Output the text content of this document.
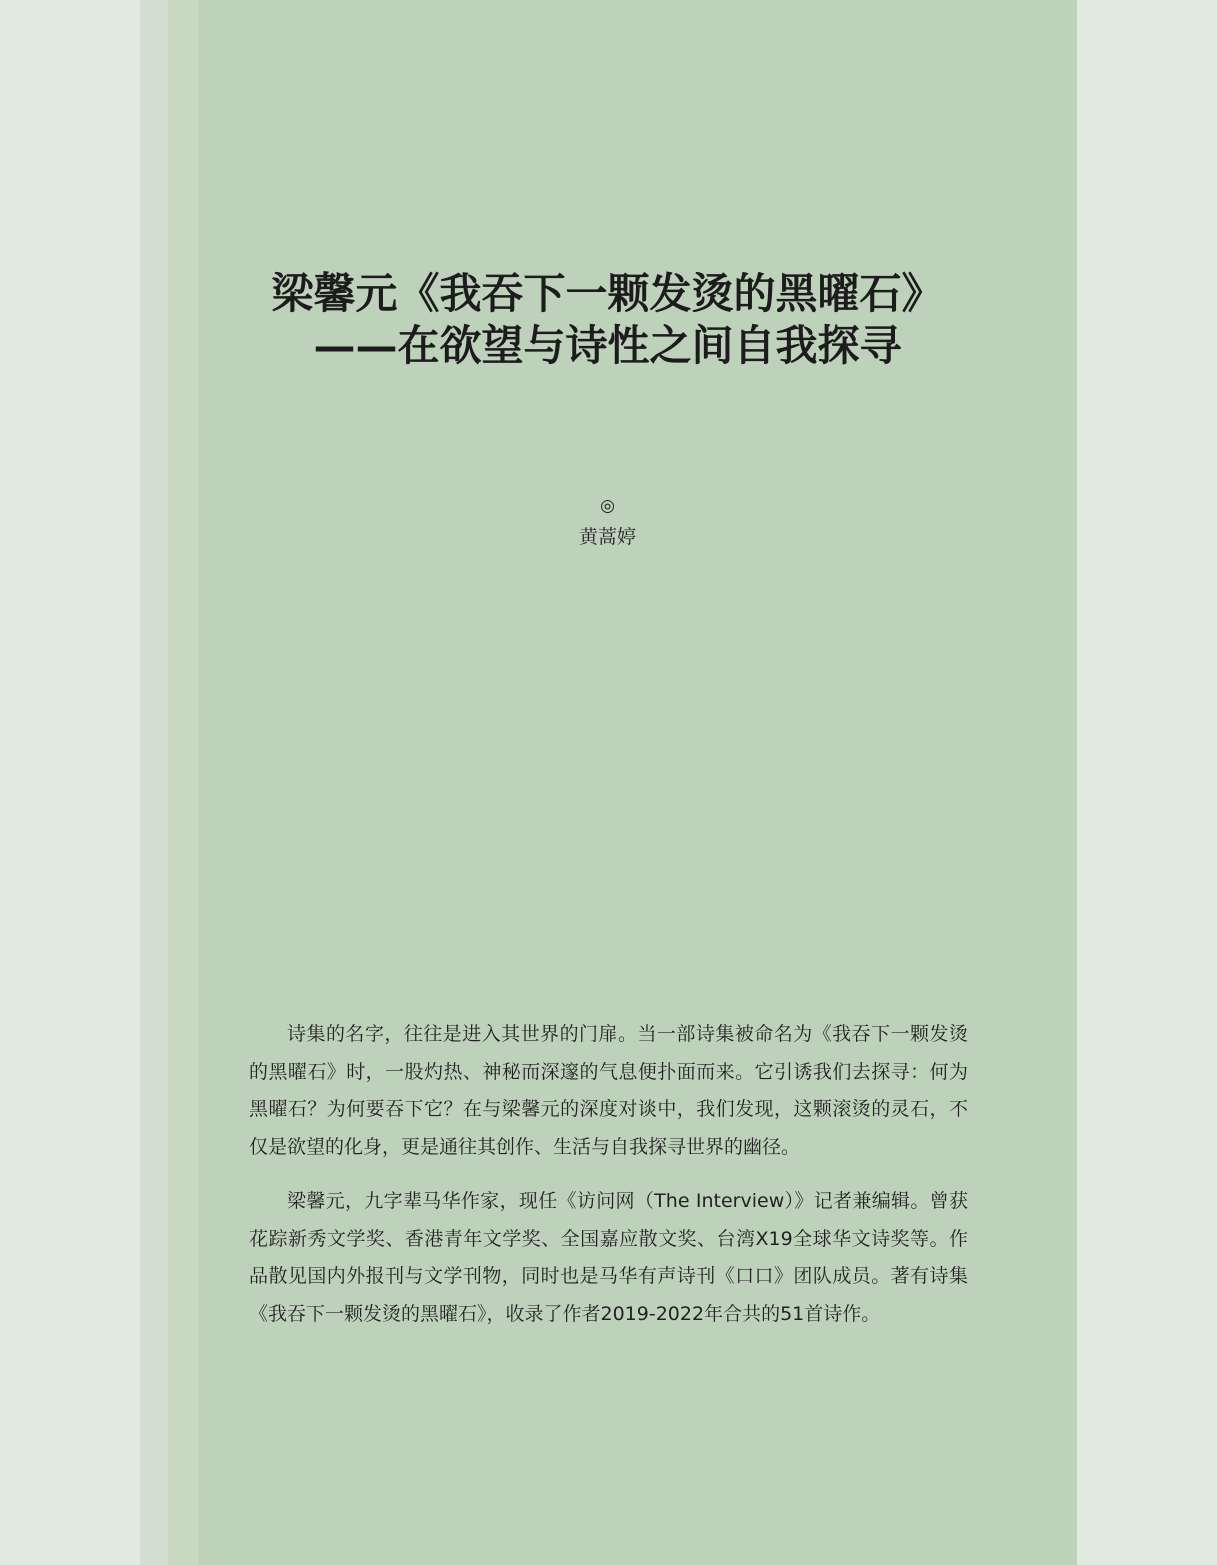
梁馨元《我吞下一颗发烫的黑曜石》
——在欲望与诗性之间自我探寻
◎
黄蒿婷

诗集的名字，往往是进入其世界的门扉。当一部诗集被命名为《我吞下一颗发烫的黑曜石》时，一股灼热、神秘而深邃的气息便扑面而来。它引诱我们去探寻：何为黑曜石？为何要吞下它？在与梁馨元的深度对谈中，我们发现，这颗滚烫的灵石，不仅是欲望的化身，更是通往其创作、生活与自我探寻世界的幽径。

梁馨元，九字辈马华作家，现任《访问网（The Interview）》记者兼编辑。曾获花踪新秀文学奖、香港青年文学奖、全国嘉应散文奖、台湾X19全球华文诗奖等。作品散见国内外报刊与文学刊物，同时也是马华有声诗刊《口口》团队成员。著有诗集《我吞下一颗发烫的黑曜石》，收录了作者2019-2022年合共的51首诗作。
